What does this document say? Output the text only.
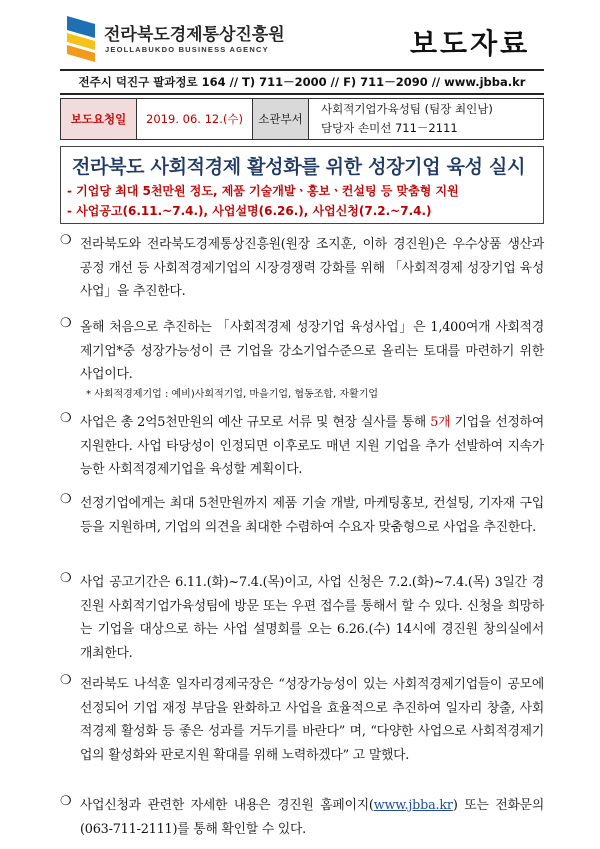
전라북도경제통상진흥원
JEOLLABUKDO BUSINESS AGENCY	보도자료
전주시 덕진구 팔과정로 164 // T) 711－2000 // F) 711－2090 // www.jbba.kr
보도요청일	2019. 06. 12.(수)	소관부서	
사회적기업가육성팀 (팀장 최인남)
담당자 손미선 711－2111
전라북도 사회적경제 활성화를 위한 성장기업 육성 실시
- 기업당 최대 5천만원 정도, 제품 기술개발ㆍ홍보ㆍ컨설팅 등 맞춤형 지원
- 사업공고(6.11.~7.4.), 사업설명(6.26.), 사업신청(7.2.~7.4.)
❍ 전라북도와 전라북도경제통상진흥원(원장 조지훈, 이하 경진원)은 우수상품 생산과 공정 개선 등 사회적경제기업의 시장경쟁력 강화를 위해 「사회적경제 성장기업 육성사업」을 추진한다.
❍ 올해 처음으로 추진하는 「사회적경제 성장기업 육성사업」은 1,400여개 사회적경제기업*중 성장가능성이 큰 기업을 강소기업수준으로 올리는 토대를 마련하기 위한 사업이다.
* 사회적경제기업 : 예비)사회적기업, 마을기업, 협동조합, 자활기업
❍ 사업은 총 2억5천만원의 예산 규모로 서류 및 현장 실사를 통해 5개 기업을 선정하여 지원한다. 사업 타당성이 인정되면 이후로도 매년 지원 기업을 추가 선발하여 지속가능한 사회적경제기업을 육성할 계획이다.
❍ 선정기업에게는 최대 5천만원까지 제품 기술 개발, 마케팅홍보, 컨설팅, 기자재 구입 등을 지원하며, 기업의 의견을 최대한 수렴하여 수요자 맞춤형으로 사업을 추진한다.
❍ 사업 공고기간은 6.11.(화)~7.4.(목)이고, 사업 신청은 7.2.(화)~7.4.(목) 3일간 경진원 사회적기업가육성팀에 방문 또는 우편 접수를 통해서 할 수 있다. 신청을 희망하는 기업을 대상으로 하는 사업 설명회를 오는 6.26.(수) 14시에 경진원 창의실에서 개최한다.
❍ 전라북도 나석훈 일자리경제국장은 “성장가능성이 있는 사회적경제기업들이 공모에 선정되어 기업 재정 부담을 완화하고 사업을 효율적으로 추진하여 일자리 창출, 사회적경제 활성화 등 좋은 성과를 거두기를 바란다” 며, “다양한 사업으로 사회적경제기업의 활성화와 판로지원 확대를 위해 노력하겠다” 고 말했다.
❍ 사업신청과 관련한 자세한 내용은 경진원 홈페이지(www.jbba.kr) 또는 전화문의(063-711-2111)를 통해 확인할 수 있다.
